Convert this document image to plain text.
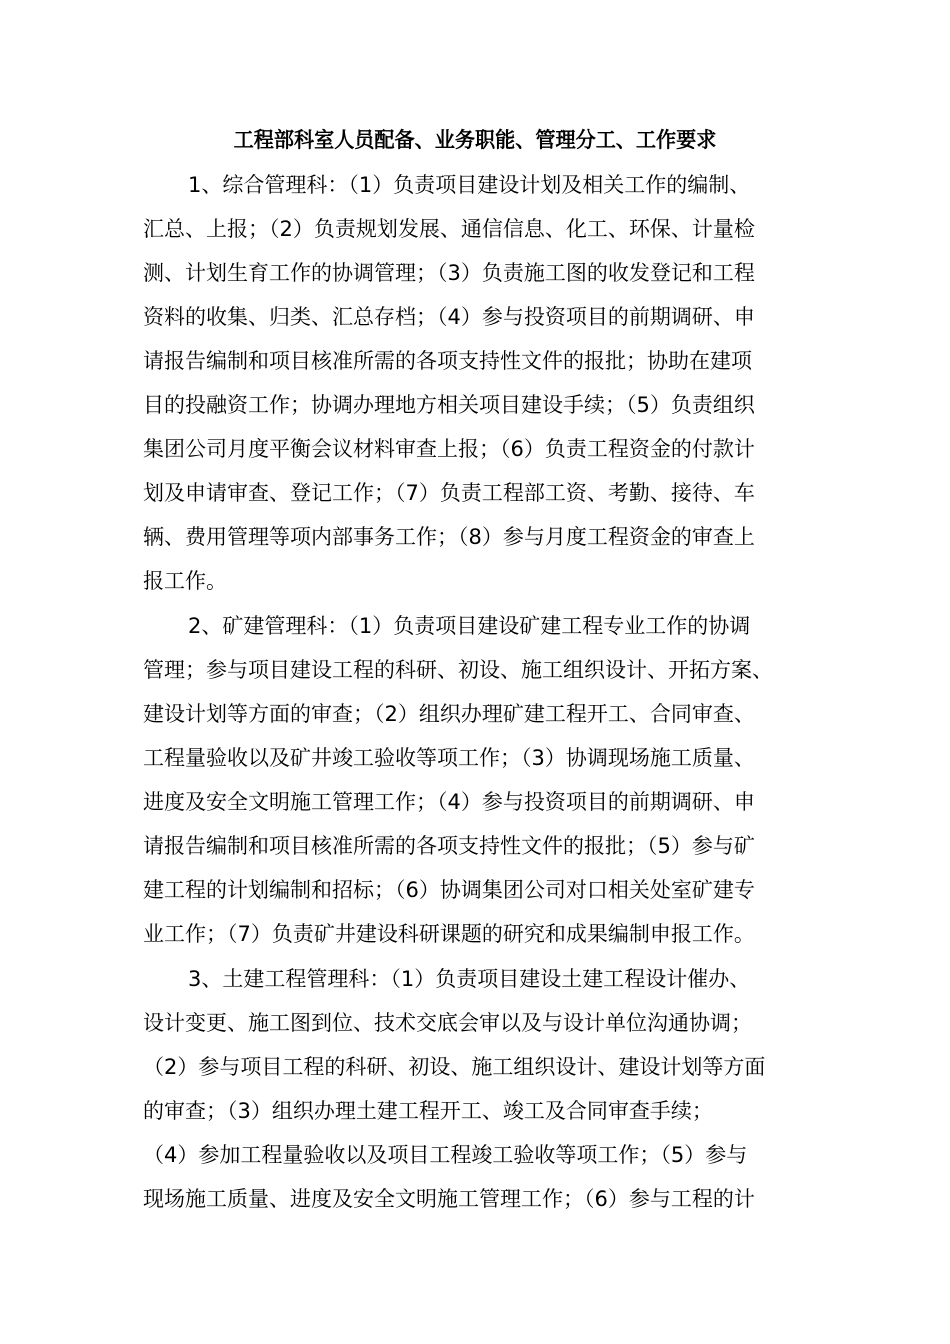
工程部科室人员配备、业务职能、管理分工、工作要求
1、综合管理科：（1）负责项目建设计划及相关工作的编制、
汇总、上报；（2）负责规划发展、通信信息、化工、环保、计量检
测、计划生育工作的协调管理；（3）负责施工图的收发登记和工程
资料的收集、归类、汇总存档；（4）参与投资项目的前期调研、申
请报告编制和项目核准所需的各项支持性文件的报批；协助在建项
目的投融资工作；协调办理地方相关项目建设手续；（5）负责组织
集团公司月度平衡会议材料审查上报；（6）负责工程资金的付款计
划及申请审查、登记工作；（7）负责工程部工资、考勤、接待、车
辆、费用管理等项内部事务工作；（8）参与月度工程资金的审查上
报工作。
2、矿建管理科：（1）负责项目建设矿建工程专业工作的协调
管理；参与项目建设工程的科研、初设、施工组织设计、开拓方案、
建设计划等方面的审查；（2）组织办理矿建工程开工、合同审查、
工程量验收以及矿井竣工验收等项工作；（3）协调现场施工质量、
进度及安全文明施工管理工作；（4）参与投资项目的前期调研、申
请报告编制和项目核准所需的各项支持性文件的报批；（5）参与矿
建工程的计划编制和招标；（6）协调集团公司对口相关处室矿建专
业工作；（7）负责矿井建设科研课题的研究和成果编制申报工作。
3、土建工程管理科：（1）负责项目建设土建工程设计催办、
设计变更、施工图到位、技术交底会审以及与设计单位沟通协调；
（2）参与项目工程的科研、初设、施工组织设计、建设计划等方面
的审查；（3）组织办理土建工程开工、竣工及合同审查手续；
（4）参加工程量验收以及项目工程竣工验收等项工作；（5）参与
现场施工质量、进度及安全文明施工管理工作；（6）参与工程的计
